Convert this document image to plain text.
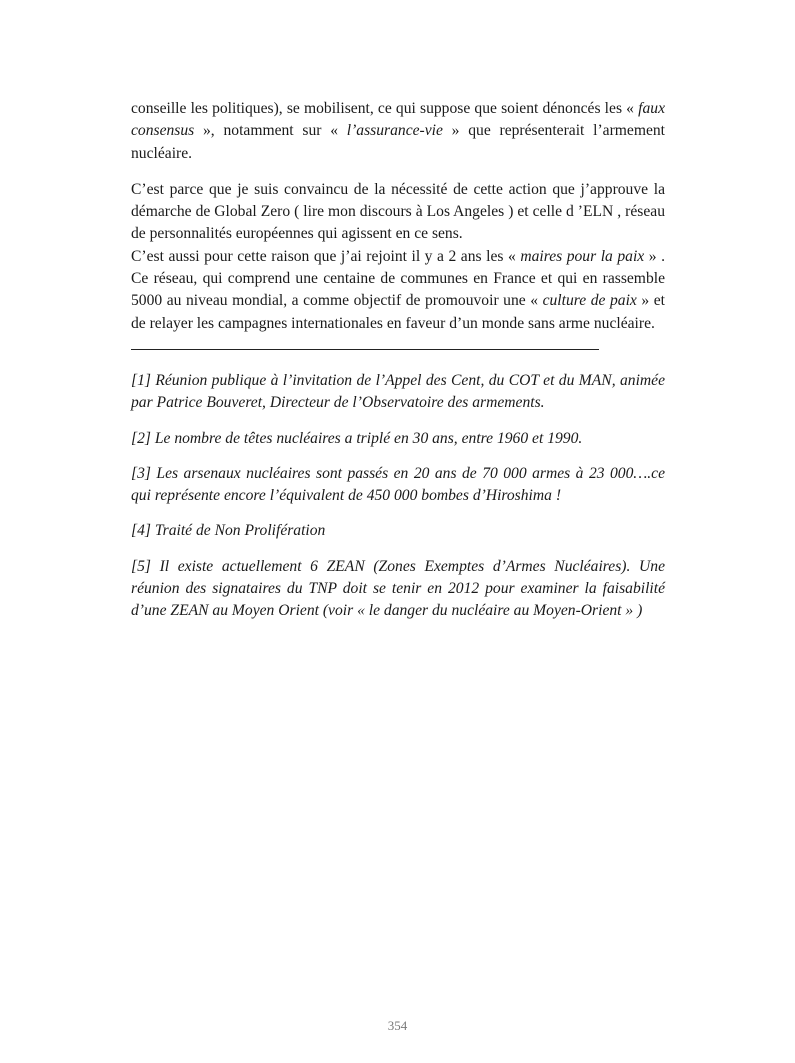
conseille les politiques), se mobilisent, ce qui suppose que soient dénoncés les « faux consensus », notamment sur « l’assurance-vie » que représenterait l’armement nucléaire.

C’est parce que je suis convaincu de la nécessité de cette action que j’approuve la démarche de Global Zero ( lire mon discours à Los Angeles ) et celle d ’ELN , réseau de personnalités européennes qui agissent en ce sens.

C’est aussi pour cette raison que j’ai rejoint il y a 2 ans les « maires pour la paix » . Ce réseau, qui comprend une centaine de communes en France et qui en rassemble 5000 au niveau mondial, a comme objectif de promouvoir une « culture de paix » et de relayer les campagnes internationales en faveur d’un monde sans arme nucléaire.

[1] Réunion publique à l’invitation de l’Appel des Cent, du COT et du MAN, animée par Patrice Bouveret, Directeur de l’Observatoire des armements.

[2] Le nombre de têtes nucléaires a triplé en 30 ans, entre 1960 et 1990.

[3] Les arsenaux nucléaires sont passés en 20 ans de 70 000 armes à 23 000….ce qui représente encore l’équivalent de 450 000 bombes d’Hiroshima !

[4] Traité de Non Prolifération

[5] Il existe actuellement 6 ZEAN (Zones Exemptes d’Armes Nucléaires). Une réunion des signataires du TNP doit se tenir en 2012 pour examiner la faisabilité d’une ZEAN au Moyen Orient (voir « le danger du nucléaire au Moyen-Orient » )

354
